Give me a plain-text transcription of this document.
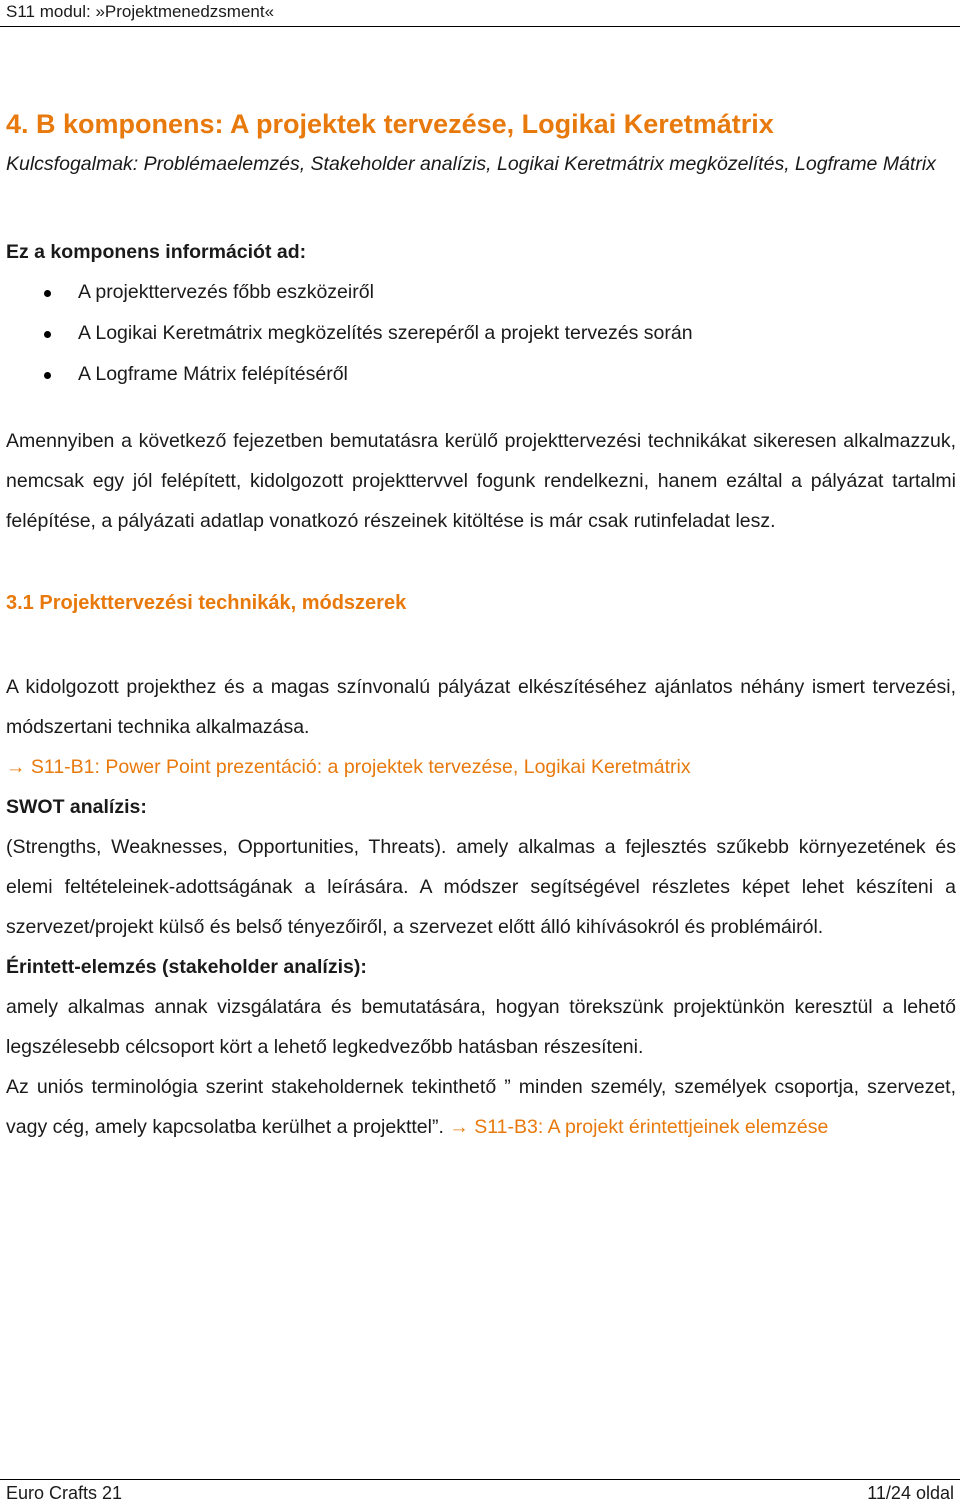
S11 modul: »Projektmenedzsment«
4. B komponens: A projektek tervezése, Logikai Keretmátrix

Kulcsfogalmak: Problémaelemzés, Stakeholder analízis, Logikai Keretmátrix megközelítés, Logframe Mátrix

Ez a komponens információt ad:

A projekttervezés főbb eszközeiről
A Logikai Keretmátrix megközelítés szerepéről a projekt tervezés során
A Logframe Mátrix felépítéséről

Amennyiben a következő fejezetben bemutatásra kerülő projekttervezési technikákat sikeresen alkalmazzuk, nemcsak egy jól felépített, kidolgozott projekttervvel fogunk rendelkezni, hanem ezáltal a pályázat tartalmi felépítése, a pályázati adatlap vonatkozó részeinek kitöltése is már csak rutinfeladat lesz.

3.1 Projekttervezési technikák, módszerek

A kidolgozott projekthez és a magas színvonalú pályázat elkészítéséhez ajánlatos néhány ismert tervezési, módszertani technika alkalmazása.

→ S11-B1: Power Point prezentáció: a projektek tervezése, Logikai Keretmátrix

SWOT analízis:

(Strengths, Weaknesses, Opportunities, Threats). amely alkalmas a fejlesztés szűkebb környezetének és elemi feltételeinek-adottságának a leírására. A módszer segítségével részletes képet lehet készíteni a szervezet/projekt külső és belső tényezőiről, a szervezet előtt álló kihívásokról és problémáiról.

Érintett-elemzés (stakeholder analízis):

amely alkalmas annak vizsgálatára és bemutatására, hogyan törekszünk projektünkön keresztül a lehető legszélesebb célcsoport kört a lehető legkedvezőbb hatásban részesíteni.

Az uniós terminológia szerint stakeholdernek tekinthető ” minden személy, személyek csoportja, szervezet, vagy cég, amely kapcsolatba kerülhet a projekttel”. → S11-B3: A projekt érintettjeinek elemzése

Euro Crafts 21	11/24 oldal
